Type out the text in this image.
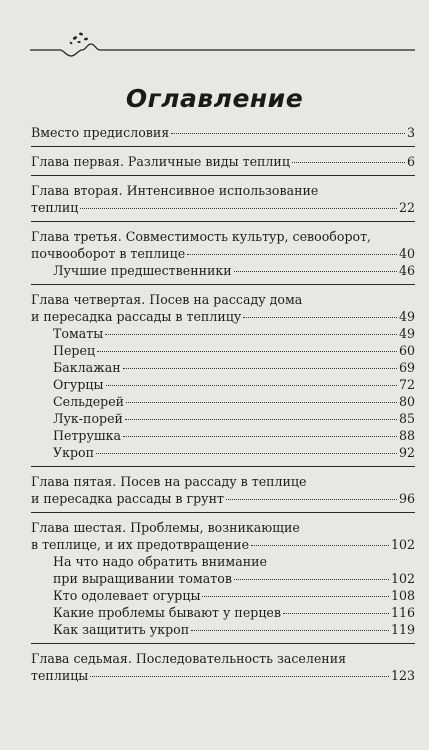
Оглавление
Вместо предисловия	3
Глава первая. Различные виды теплиц	6
Глава вторая. Интенсивное использование
теплиц	22
Глава третья. Совместимость культур, севооборот,
почвооборот в теплице	40
Лучшие предшественники	46
Глава четвертая. Посев на рассаду дома
и пересадка рассады в теплицу	49
Томаты	49
Перец	60
Баклажан	69
Огурцы	72
Сельдерей	80
Лук-порей	85
Петрушка	88
Укроп	92
Глава пятая. Посев на рассаду в теплице
и пересадка рассады в грунт	96
Глава шестая. Проблемы, возникающие
в теплице, и их предотвращение	102
На что надо обратить внимание
при выращивании томатов	102
Кто одолевает огурцы	108
Какие проблемы бывают у перцев	116
Как защитить укроп	119
Глава седьмая. Последовательность заселения
теплицы	123
